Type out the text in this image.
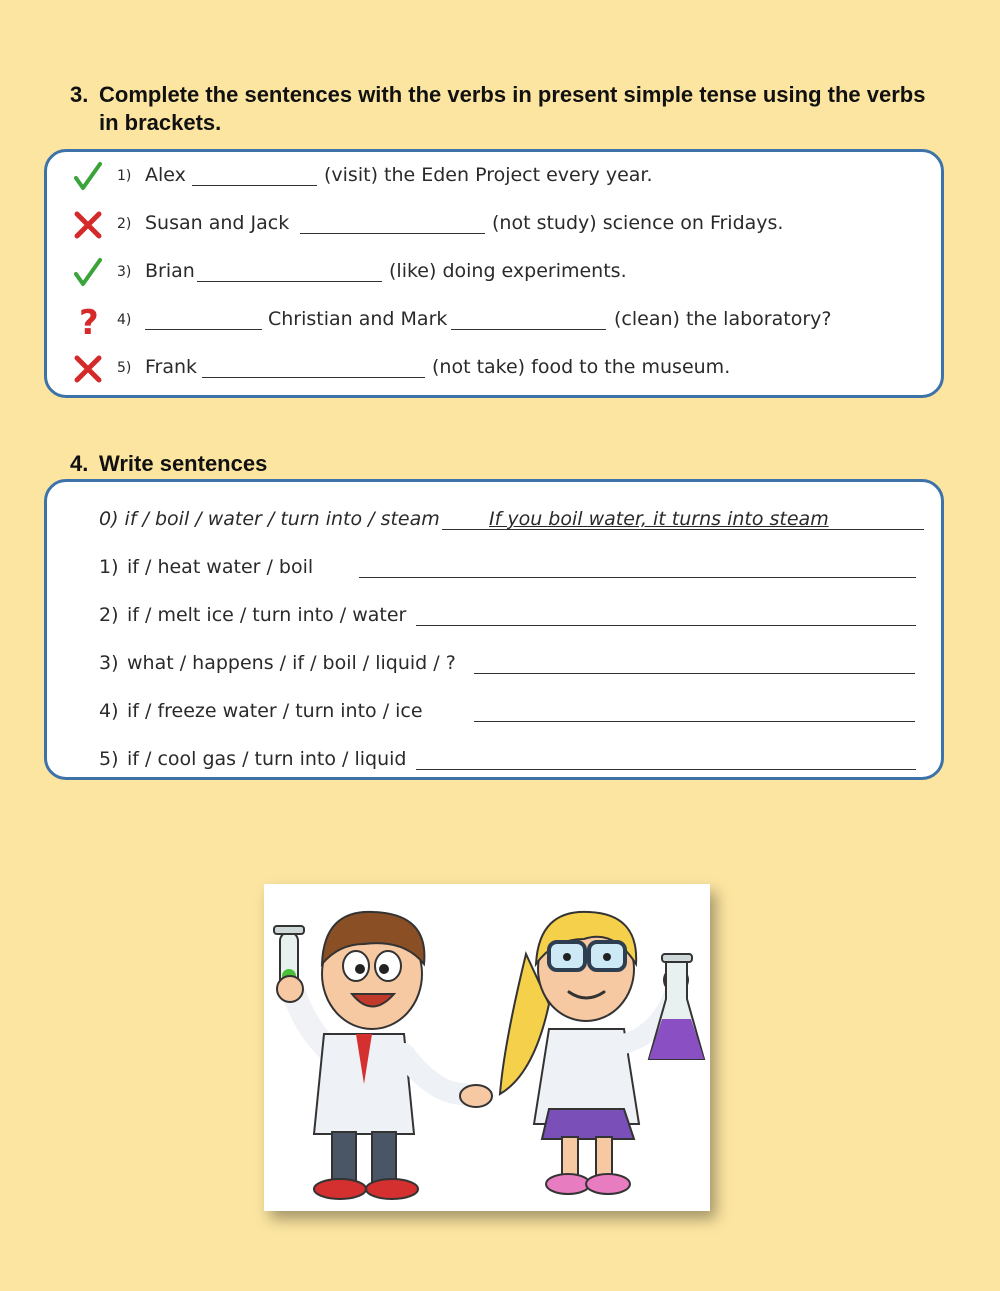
3. Complete the sentences with the verbs in present simple tense using the verbs in brackets.
1) Alex	(visit) the Eden Project every year.
2) Susan and Jack	(not study) science on Fridays.
3) Brian	(like) doing experiments.
? 4)	Christian and Mark	(clean) the laboratory?
5) Frank	(not take) food to the museum.
4. Write sentences
0) if / boil / water / turn into / steam	If you boil water, it turns into steam
1) if / heat water / boil
2) if / melt ice / turn into / water
3) what / happens / if / boil / liquid / ?
4) if / freeze water / turn into / ice
5) if / cool gas / turn into / liquid
